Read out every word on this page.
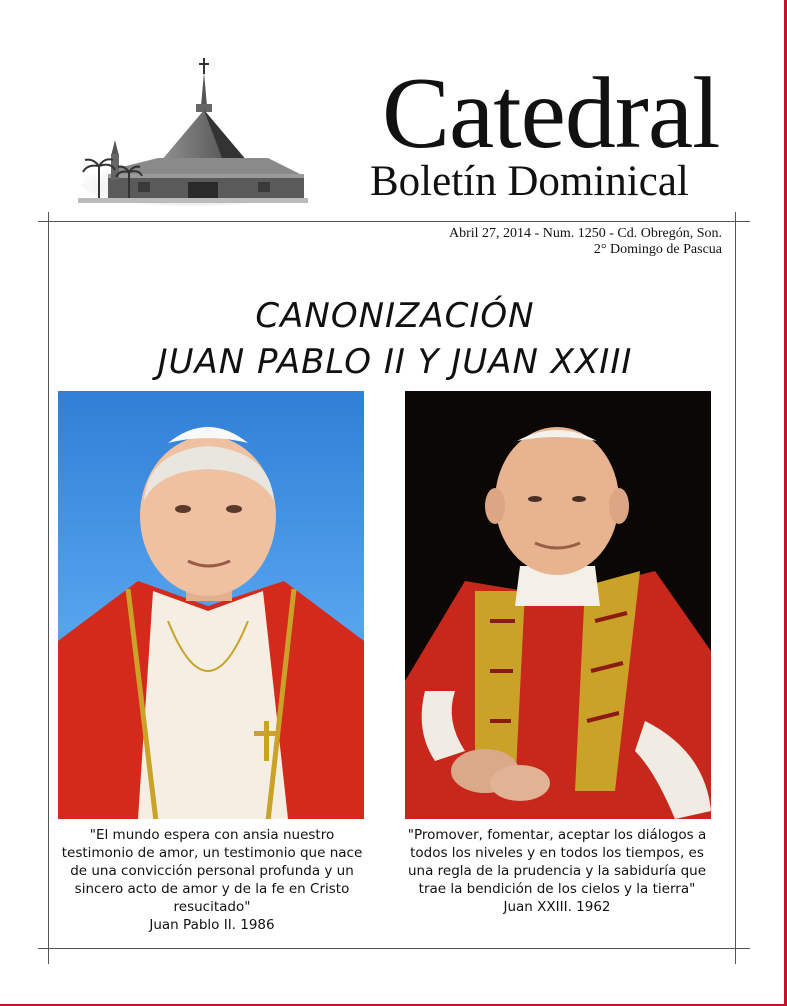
Catedral
Boletín Dominical
Abril 27, 2014 - Num. 1250 - Cd. Obregón, Son.
2° Domingo de Pascua
CANONIZACIÓN
JUAN PABLO II Y JUAN XXIII

"El mundo espera con ansia nuestro testimonio de amor, un testimonio que nace de una convicción personal profunda y un sincero acto de amor y de la fe en Cristo resucitado"

Juan Pablo II. 1986

"Promover, fomentar, aceptar los diálogos a todos los niveles y en todos los tiempos, es una regla de la prudencia y la sabiduría que trae la bendición de los cielos y la tierra"

Juan XXIII. 1962
